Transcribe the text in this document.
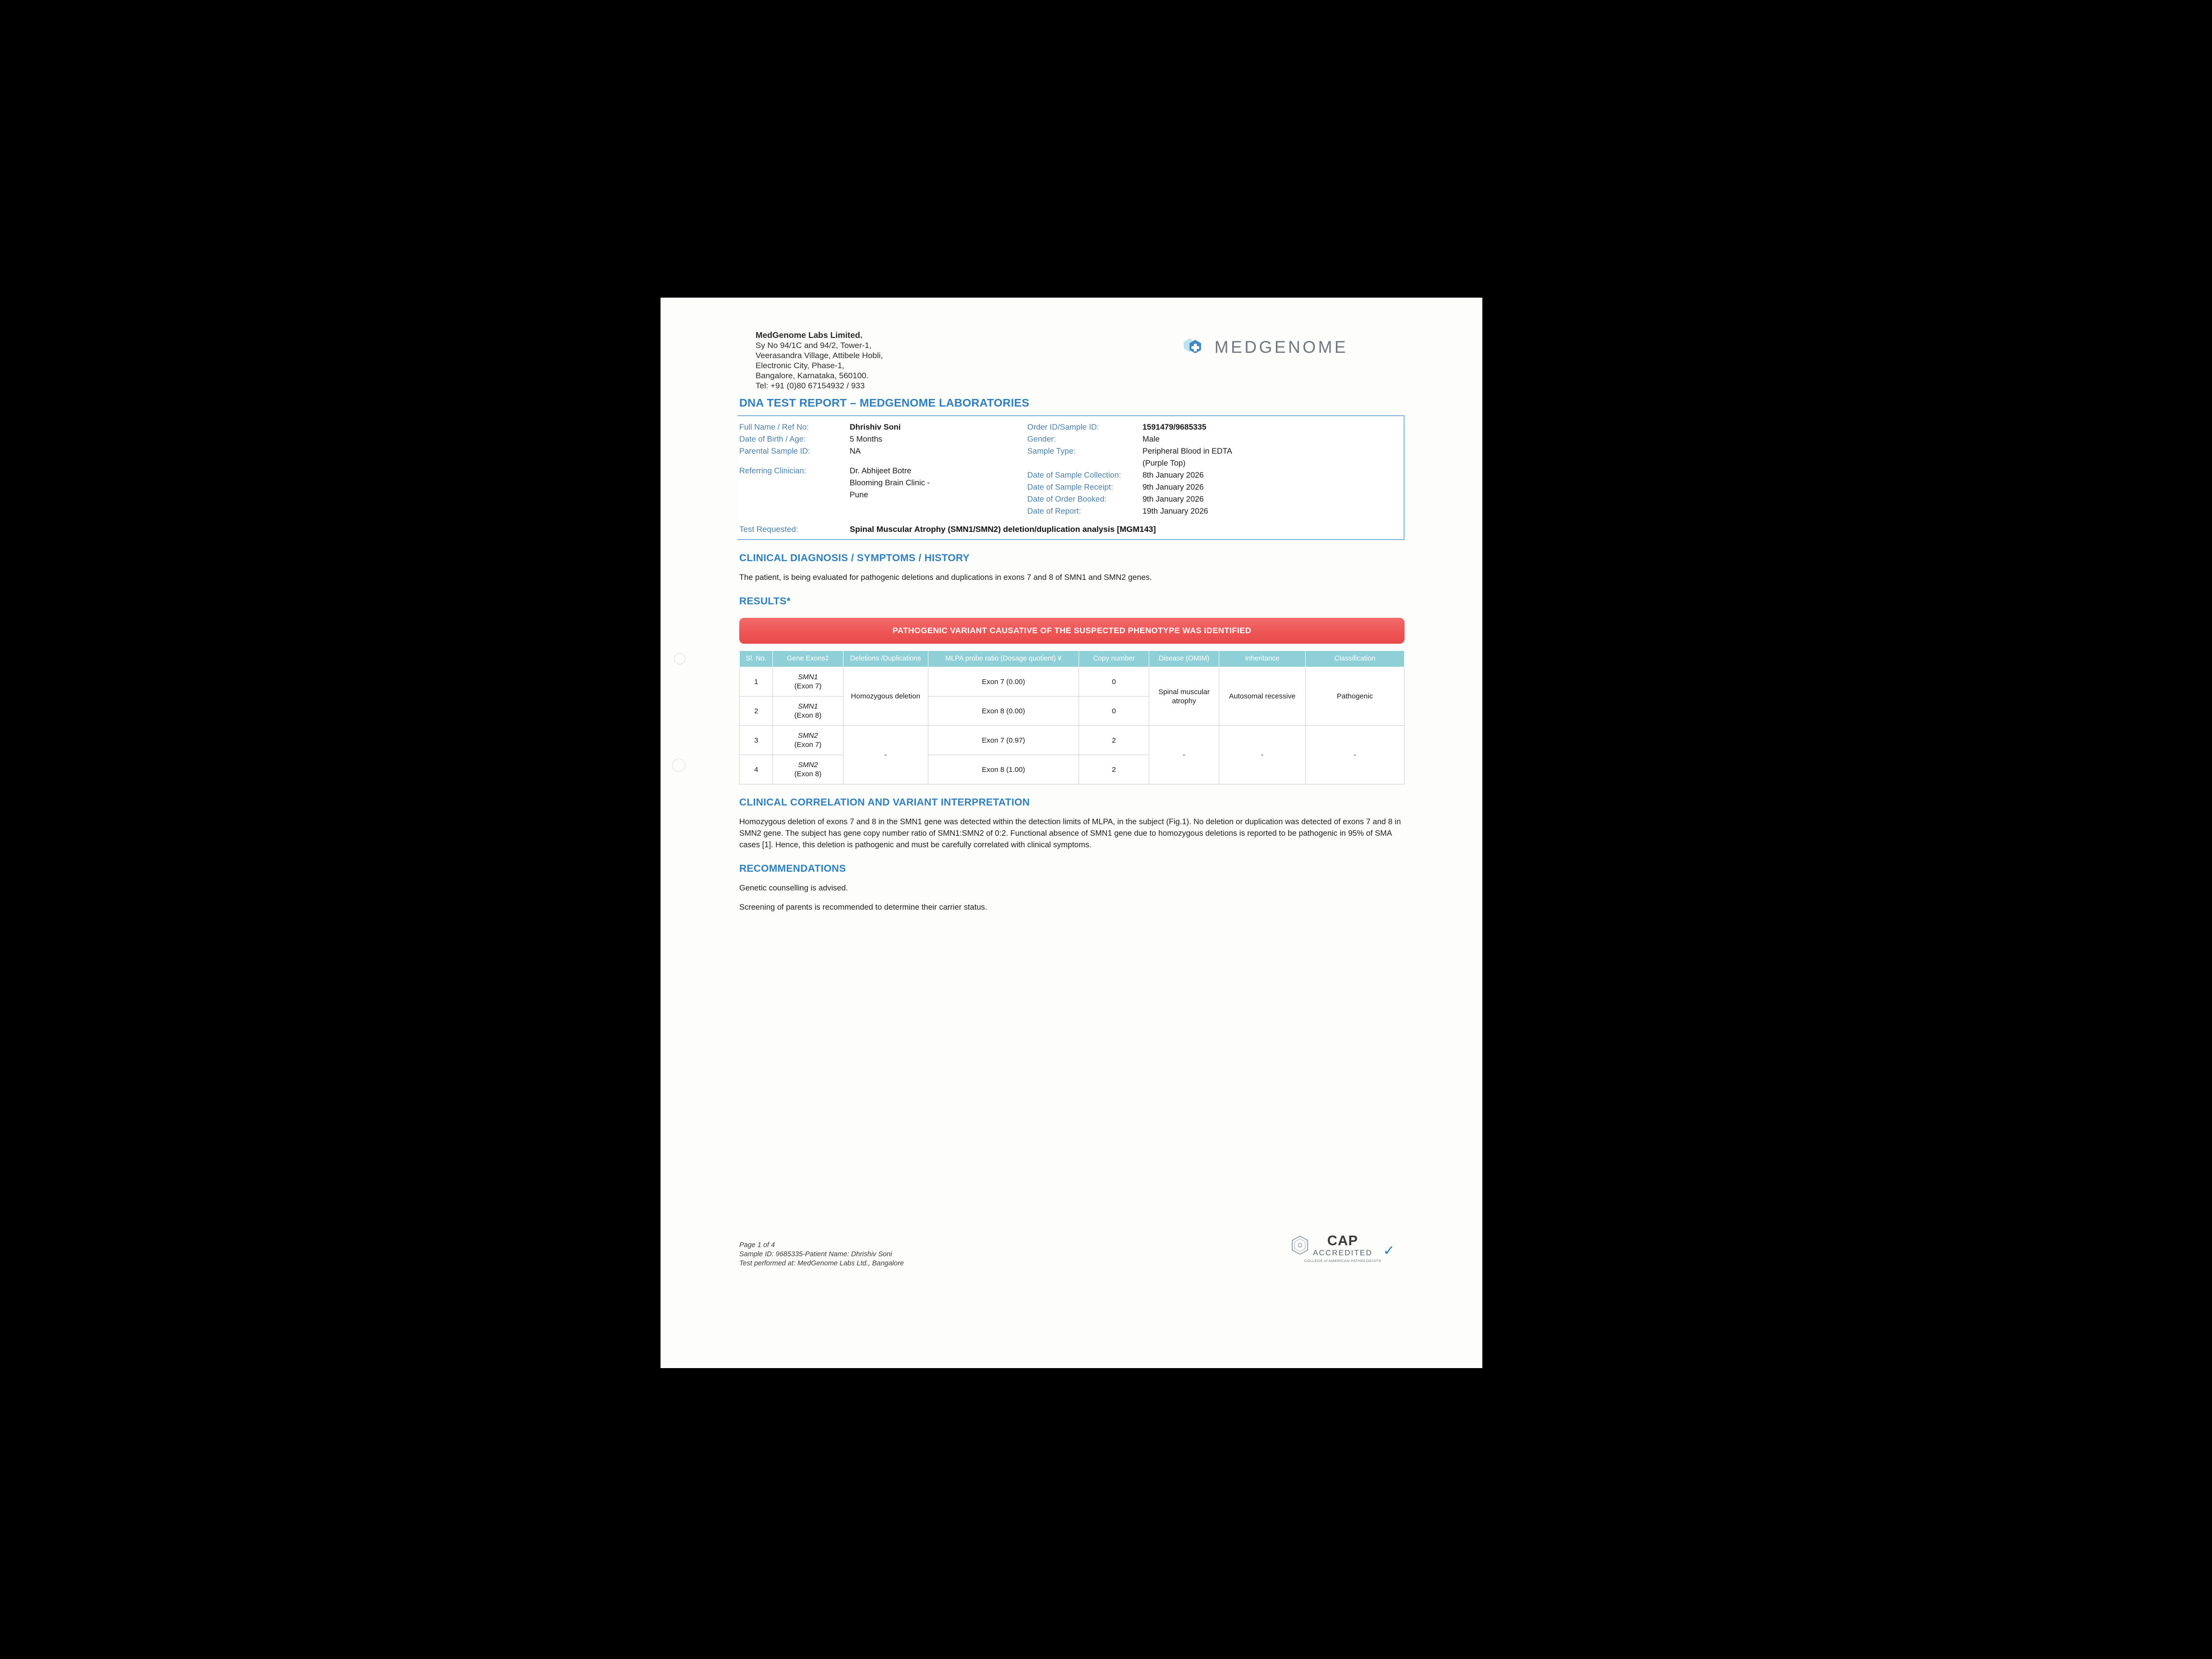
MedGenome Labs Limited.
Sy No 94/1C and 94/2, Tower-1,
Veerasandra Village, Attibele Hobli,
Electronic City, Phase-1,
Bangalore, Karnataka, 560100.
Tel: +91 (0)80 67154932 / 933
MEDGENOME
DNA TEST REPORT – MEDGENOME LABORATORIES
Full Name / Ref No:	Dhrishiv Soni
Date of Birth / Age:	5 Months
Parental Sample ID:	NA
Referring Clinician:	Dr. Abhijeet Botre
Blooming Brain Clinic -
Pune
Order ID/Sample ID:	1591479/9685335
Gender:	Male
Sample Type:	Peripheral Blood in EDTA
(Purple Top)
Date of Sample Collection:	8th January 2026
Date of Sample Receipt:	9th January 2026
Date of Order Booked:	9th January 2026
Date of Report:	19th January 2026
Test Requested:	Spinal Muscular Atrophy (SMN1/SMN2) deletion/duplication analysis [MGM143]
CLINICAL DIAGNOSIS / SYMPTOMS / HISTORY

The patient, is being evaluated for pathogenic deletions and duplications in exons 7 and 8 of SMN1 and SMN2 genes.

RESULTS*
PATHOGENIC VARIANT CAUSATIVE OF THE SUSPECTED PHENOTYPE WAS IDENTIFIED
Sl. No.	Gene Exons‡	Deletions /Duplications	MLPA probe ratio (Dosage quotient) ¥	Copy number	Disease (OMIM)	Inheritance	Classification
1	SMN1
(Exon 7)	Homozygous deletion	Exon 7 (0.00)	0	Spinal muscular atrophy	Autosomal recessive	Pathogenic
2	SMN1
(Exon 8)		Exon 8 (0.00)	0			
3	SMN2
(Exon 7)	-	Exon 7 (0.97)	2	-	-	-
4	SMN2
(Exon 8)		Exon 8 (1.00)	2			
CLINICAL CORRELATION AND VARIANT INTERPRETATION

Homozygous deletion of exons 7 and 8 in the SMN1 gene was detected within the detection limits of MLPA, in the subject (Fig.1). No deletion or duplication was detected of exons 7 and 8 in SMN2 gene. The subject has gene copy number ratio of SMN1:SMN2 of 0:2. Functional absence of SMN1 gene due to homozygous deletions is reported to be pathogenic in 95% of SMA cases [1]. Hence, this deletion is pathogenic and must be carefully correlated with clinical symptoms.

RECOMMENDATIONS

Genetic counselling is advised.

Screening of parents is recommended to determine their carrier status.

Page 1 of 4
Sample ID: 9685335-Patient Name: Dhrishiv Soni
Test performed at: MedGenome Labs Ltd., Bangalore
CAP
ACCREDITED
COLLEGE of AMERICAN PATHOLOGISTS
✓
